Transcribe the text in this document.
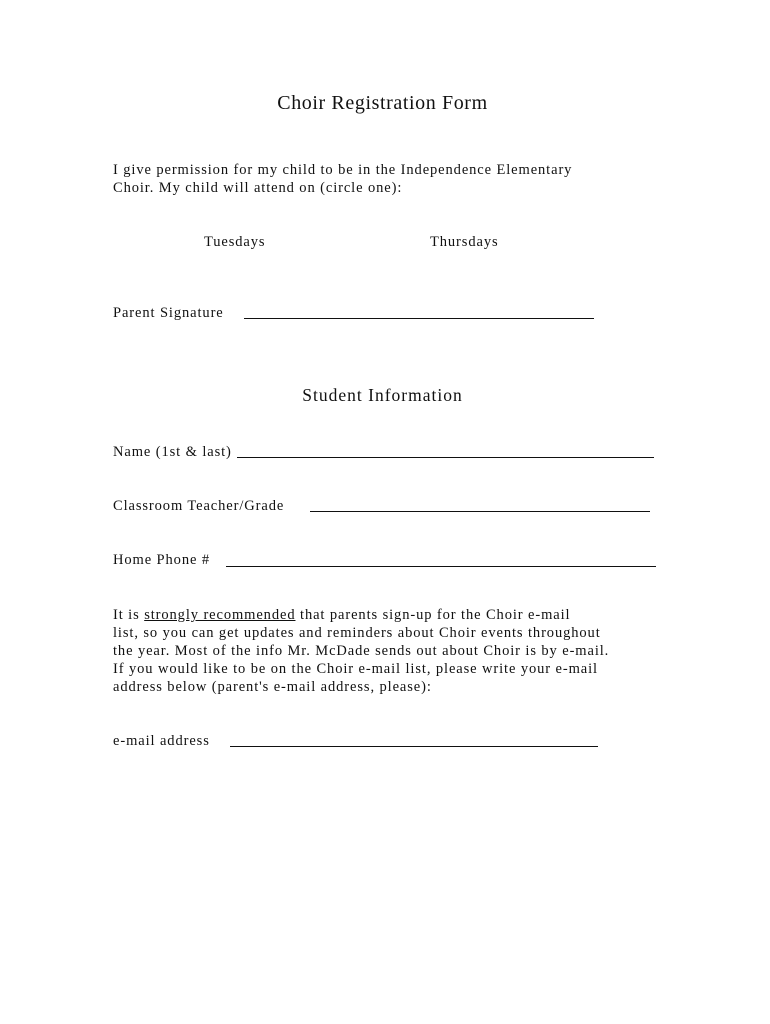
Choir Registration Form
I give permission for my child to be in the Independence Elementary
Choir. My child will attend on (circle one):
Tuesdays	Thursdays
Parent Signature
Student Information
Name (1st & last)
Classroom Teacher/Grade
Home Phone #
It is strongly recommended that parents sign-up for the Choir e-mail
list, so you can get updates and reminders about Choir events throughout
the year. Most of the info Mr. McDade sends out about Choir is by e-mail.
If you would like to be on the Choir e-mail list, please write your e-mail
address below (parent's e-mail address, please):
e-mail address
